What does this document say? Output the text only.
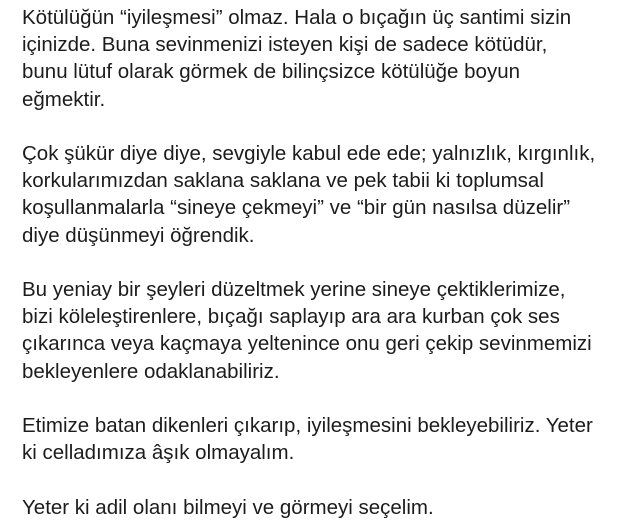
Kötülüğün “iyileşmesi” olmaz. Hala o bıçağın üç santimi sizin
içinizde. Buna sevinmenizi isteyen kişi de sadece kötüdür,
bunu lütuf olarak görmek de bilinçsizce kötülüğe boyun
eğmektir.

Çok şükür diye diye, sevgiyle kabul ede ede; yalnızlık, kırgınlık,
korkularımızdan saklana saklana ve pek tabii ki toplumsal
koşullanmalarla “sineye çekmeyi” ve “bir gün nasılsa düzelir”
diye düşünmeyi öğrendik.

Bu yeniay bir şeyleri düzeltmek yerine sineye çektiklerimize,
bizi köleleştirenlere, bıçağı saplayıp ara ara kurban çok ses
çıkarınca veya kaçmaya yeltenince onu geri çekip sevinmemizi
bekleyenlere odaklanabiliriz.

Etimize batan dikenleri çıkarıp, iyileşmesini bekleyebiliriz. Yeter
ki celladımıza âşık olmayalım.

Yeter ki adil olanı bilmeyi ve görmeyi seçelim.
